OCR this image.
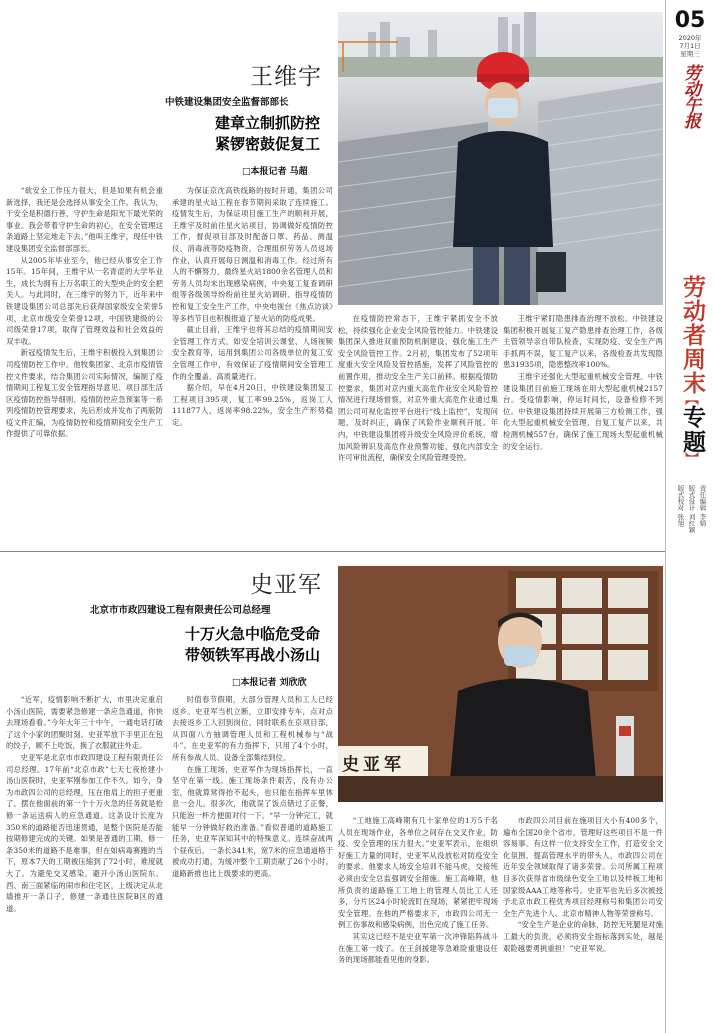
05
2020年
7月1日
星期三
劳动午报
劳动者周末
︻
专题
︼
责任编辑 李婧
版式设计 刘红颖
版式校对 张旭
王维宇
中铁建设集团安全监督部部长
建章立制抓防控
紧锣密鼓促复工
□本报记者 马超

“欲安全工作压力很大，但是如果有机会重新选择，我还是会选择从事安全工作。我认为，干安全是积德行善，守护生命是阳光下最光荣的事业。我会带着守护生命的初心，在安全管理这条道路上坚定地走下去。”他叫王维宇，现任中铁建设集团安全监督部部长。

从2005年毕业至今，他已经从事安全工作15年。15年间，王维宇从一名青涩的大学毕业生，成长为拥有上万名职工的大型央企的安全把关人。与此同时，在三维宇的努力下，近年来中铁建设集团公司总部先后获得国家级安全荣誉5项，北京市级安全荣誉12项，中国铁建级的公司级荣誉17项，取得了管理效益和社会效益的双丰收。

新冠疫情发生后，王维宇积极投入到集团公司疫情防控工作中。他牧集团家、北京市疫情管控文件要求，结合集团公司实际情况，编制了疫情期间工程复工安全管理指导意见、项目部生活区疫情防控指导细则、疫情防控应急预案等一系列疫情防控管理要求，先后形成并发布了两版防疫文件汇编，为疫情防控和疫情期间安全生产工作提供了可靠依据。

为保证京沈高铁线路的按时开通，集团公司承建的星火站工程在春节期间采取了连续施工。疫情发生后，为保证项目施工生产的顺利开展，王维宇及时前往星火站项目，协调做好疫情防控工作，督促项目部及时配备口罩、药品、测温仪、消毒液等防疫物资，合理组织劳务人员返场作业，认真开展每日测温和消毒工作。经过所有人的不懈努力，最终星火站1800余名管理人员和劳务人员均未出现感染病例，中央复工复查调研组等各级领导纷纷前往星火站调研、指导疫情防控和复工安全生产工作，中央电视台《焦点访谈》等多档节目也积极报道了星火站的防疫成果。

截止目前，王维宇也将其总结的疫情期间安全管理工作方式，如安全培训云课堂、人场视频安全教育等，运用到集团公司各级单位的复工安全管理工作中，有效保证了疫情期间安全管理工作的全覆盖、高质量进行。

据介绍，早在4月20日，中铁建设集团复工工程项目395项，复工率99.25%，返岗工人111877人，返岗率98.22%，安全生产形势稳定。

在疫情防控常态下，王维宇紧抓安全不放松，持续强化企业安全风险管控能力。中铁建设集团深入推进双重预防机制建设，强化施工生产安全风险管控工作。2月初，集团发布了52项年度重大安全风险及管控措施，发挥了风险管控的前置作用，推动安全生产关口前移。根据疫情防控要求，集团对京内重大高危作业安全风险管控情况进行现场督察，对京外重大高危作业通过集团公司可视化监控平台进行“线上监控”，发现问题，及时纠正，确保了风险作业顺利开展。年内，中铁建设集团将升级安全风险评价系统，增加风险辨识及高危作业预警功能，强化内部安全许可审批流程，确保安全风险管理受控。

王维宇紧盯隐患排查治理不放松。中铁建设集团积极开展复工复产隐患排查治理工作，各级主管领导亲自带队检查，实现防疫、安全生产两手抓两不误，复工复产以来，各级检查共发现隐患31935项，隐患整改率100%。

王维宇还强化大型起重机械安全管理。中铁建设集团目前施工现场在用大型起重机械2157台。受疫情影响，停运时间长，设备检修不到位。中铁建设集团持续开展第三方检测工作，强化大型起重机械安全管理，自复工复产以来，共检测机械557台，确保了施工现场大型起重机械的安全运行。

史亚军
北京市市政四建设工程有限责任公司总经理
十万火急中临危受命
带领铁军再战小汤山
□本报记者 刘欣欣
史亚军

“近军，疫情影响不断扩大，市里决定重启小汤山医院，需要紧急修建一条应急通道，你快去现场看看。”今年大年三十中午，一通电话打破了这个小家的团聚时刻。史亚军放下手里正在包的饺子，顾不上吃饭，换了衣服就往外走。

史亚军是北京市市政四建设工程有限责任公司总经理。17年前“北京市政”七天七夜抢建小汤山医院时，史亚军刚参加工作不久。如今，身为市政四公司的总经理，压在他肩上的担子更重了。摆在他面前的第一个十万火急的任务就是抢修一条运送病人的应急通道。这条设计长度为350米的道路能否迅速贯通，是整个医院是否能按期修建完成的关键。如果是普通的工期，修一条350米的道路不是难事，但在如病毒赛跑的当下，原本7天的工期被压缩到了72小时，难度就大了。为避免交叉感染，避开小汤山医院东、西、南三面紧临的闹市和住宅区，上级决定从北墙推开一条口子，修建一条通往医院B区的通道。

时值春节假期，大部分管理人员和工人已经返乡。史亚军当机立断，立即安排专车，点对点去接返乡工人回到岗位，同时联系在京项目部，从四面八方抽调管理人员和工程机械参与“战斗”。在史亚军的有力指挥下，只用了4个小时，所有参战人员、设备全部集结到位。

在施工现场，史亚军作为现场指挥长，一直坚守在第一线。施工现场条件艰苦，没有办公室，他就算常得抬不起头，也只能在指挥车里休息一会儿。很多次，他就误了饭点错过了正餐，只能泡一杯方便面对付一下。“早一分钟完工，就能早一分钟做好救治准备。”看似普通的道路施工任务，史亚军深知其中的特殊意义。连续奋战两个昼夜后，一条长341米，宽7米的应急通道格于被成功打通，为缓冲整个工期贡献了26个小时，道路新推也比上级要求的更高。

“工地施工高峰期有几十家单位的1万5千名人员在现场作业，各单位之间存在交叉作业，防疫、安全管理的压力很大。”史亚军表示，在组织好施工力量的同时，史亚军从没放松对防疫安全的要求。他要求人场安全培训不能马虎，交接班必须由安全总监强调安全措施。施工高峰期，他所负责的道路施工工地上的管理人员比工人还多，分片区24小时轮流盯在现场，紧紧把牢现场安全管理。在他的严格要求下，市政四公司无一例工伤事故和感染病例，出色完成了施工任务。

其实这已经不是史亚军第一次冲锋陷阵战斗在施工第一线了。在王剑援建等急难险重建设任务的现场都能看见他的身影。

市政四公司目前在施项目大小有400多个，遍布全国20余个省市，管理好这些项目不是一件容易事。有这样一位支持安全工作，打造安全文化氛围，提高管理水平的带头人，市政四公司在近年安全领域取得了诸多荣誉。公司所属工程项目多次获得省市级绿色安全工地以及样板工地和国家级AAA工地等称号。史亚军也先后多次被授予北京市政工程优秀项目经理称号和集团公司安全生产先进个人、北京市精神人物等荣誉称号。

“安全生产是企业的命脉，防控无死腿是对施工最大的负责，必须将安全指标落到实处，越是艰险越要勇挑重担！”史亚军说。
